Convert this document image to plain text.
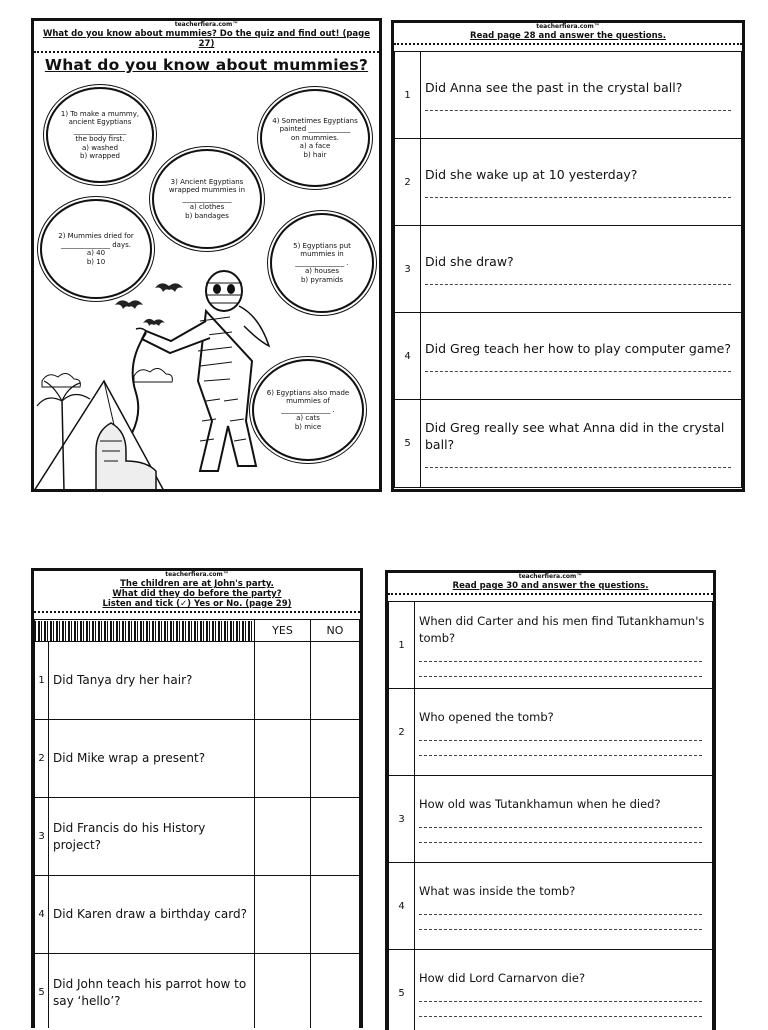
teacherfiera.com™
What do you know about mummies? Do the quiz and find out! (page 27)
What do you know about mummies?
1) To make a mummy,
ancient Egyptians
_______________
the body first.
a) washed
b) wrapped
4) Sometimes Egyptians
painted ____________
on mummies.
a) a face
b) hair
3) Ancient Egyptians
wrapped mummies in
______________
a) clothes
b) bandages
2) Mummies dried for
______________ days.
a) 40
b) 10
5) Egyptians put
mummies in
______________ .
a) houses
b) pyramids
6) Egyptians also made
mummies of
______________ .
a) cats
b) mice
teacherfiera.com™
Read page 28 and answer the questions.
1	Did Anna see the past in the crystal ball?

2	Did she wake up at 10 yesterday?

3	Did she draw?

4	Did Greg teach her how to play computer game?

5	Did Greg really see what Anna did in the crystal ball?
teacherfiera.com™
The children are at John's party.
What did they do before the party?
Listen and tick (✓) Yes or No. (page 29)
		YES	NO
1	Did Tanya dry her hair?		
2	Did Mike wrap a present?		
3	Did Francis do his History project?		
4	Did Karen draw a birthday card?		
5	Did John teach his parrot how to say ‘hello’?		
teacherfiera.com™
Read page 30 and answer the questions.
1	When did Carter and his men find Tutankhamun's tomb?

2	Who opened the tomb?

3	How old was Tutankhamun when he died?

4	What was inside the tomb?

5	How did Lord Carnarvon die?
